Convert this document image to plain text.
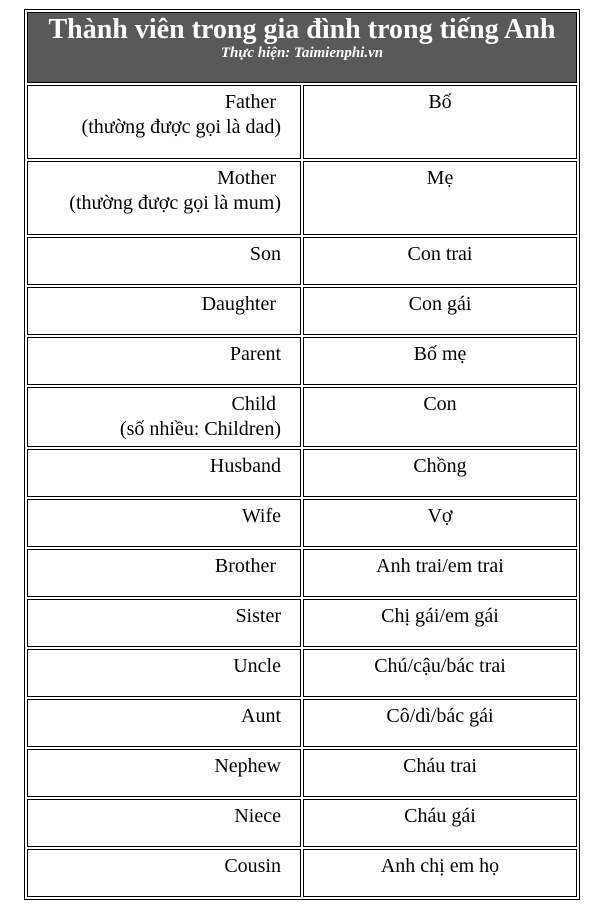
Thành viên trong gia đình trong tiếng Anh
Thực hiện: Taimienphi.vn	

Father
(thường được gọi là dad)	Bố

Mother
(thường được gọi là mum)	Mẹ

Son	Con trai

Daughter	Con gái

Parent	Bố mẹ

Child
(số nhiều: Children)	Con

Husband	Chồng

Wife	Vợ

Brother	Anh trai/em trai

Sister	Chị gái/em gái

Uncle	Chú/cậu/bác trai

Aunt	Cô/dì/bác gái

Nephew	Cháu trai

Niece	Cháu gái

Cousin	Anh chị em họ
